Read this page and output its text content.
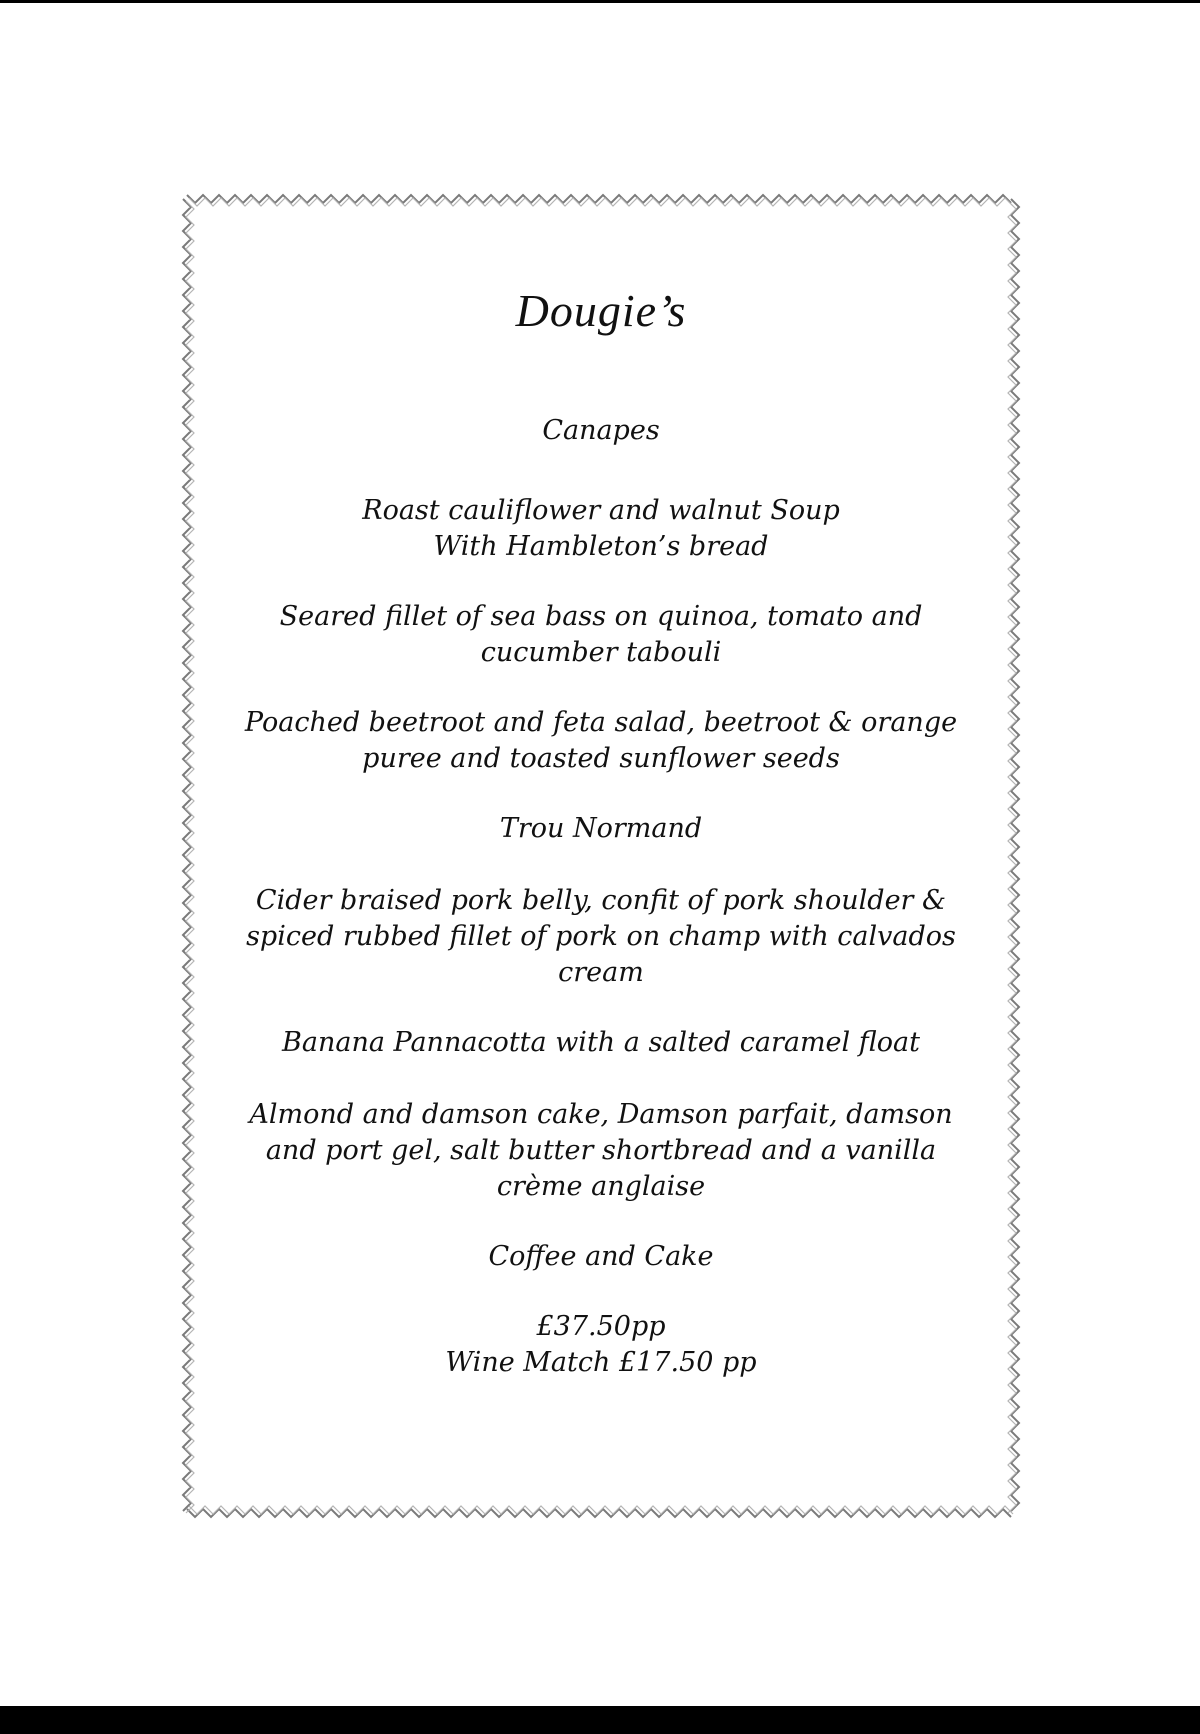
Dougie’s
Canapes
Roast cauliflower and walnut Soup
With Hambleton’s bread
Seared fillet of sea bass on quinoa, tomato and
cucumber tabouli
Poached beetroot and feta salad, beetroot & orange
puree and toasted sunflower seeds
Trou Normand
Cider braised pork belly, confit of pork shoulder &
spiced rubbed fillet of pork on champ with calvados
cream
Banana Pannacotta with a salted caramel float
Almond and damson cake, Damson parfait, damson
and port gel, salt butter shortbread and a vanilla
crème anglaise
Coffee and Cake
£37.50pp
Wine Match £17.50 pp
